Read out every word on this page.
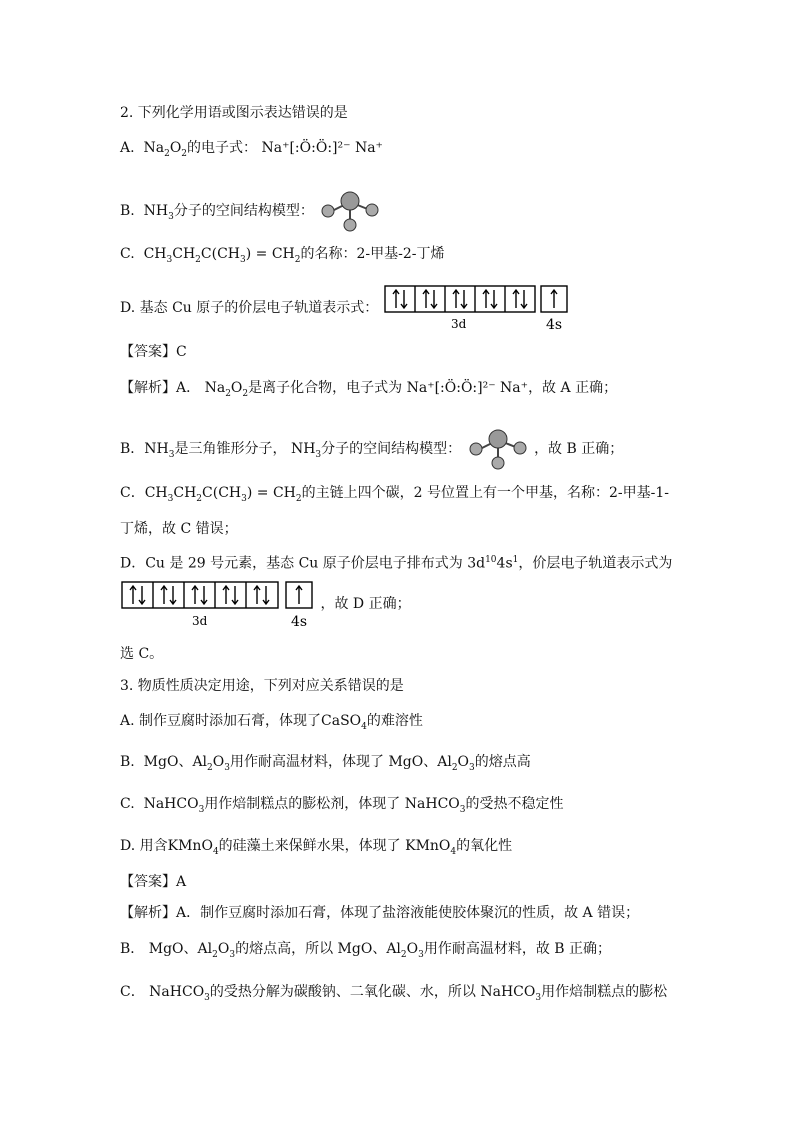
2. 下列化学用语或图示表达错误的是
A. $Na_2O_2$的电子式： Na⁺[:Ö:Ö:]²⁻ Na⁺
B. $NH_3$分子的空间结构模型：
C. $CH_3CH_2C(CH_3) = CH_2$的名称：2-甲基-2-丁烯
D. 基态 Cu 原子的价层电子轨道表示式：
3d	4s
【答案】C
【解析】A． $Na_2O_2$是离子化合物，电子式为 Na⁺[:Ö:Ö:]²⁻ Na⁺，故 A 正确；
B．$NH_3$是三角锥形分子， $NH_3$分子的空间结构模型：	，故 B 正确；
C．$CH_3CH_2C(CH_3) = CH_2$的主链上四个碳，2 号位置上有一个甲基，名称：2-甲基-1-
丁烯，故 C 错误；
D．Cu 是 29 号元素，基态 Cu 原子价层电子排布式为 $3d^{10}4s^1$，价层电子轨道表示式为
3d	4s
，故 D 正确；
选 C。
3. 物质性质决定用途，下列对应关系错误的是
A. 制作豆腐时添加石膏，体现了CaSO$_4$的难溶性
B. MgO、$Al_2O_3$用作耐高温材料，体现了 MgO、$Al_2O_3$的熔点高
C. NaHCO$_3$用作焙制糕点的膨松剂，体现了 NaHCO$_3$的受热不稳定性
D. 用含KMnO$_4$的硅藻土来保鲜水果，体现了 KMnO$_4$的氧化性
【答案】A
【解析】A．制作豆腐时添加石膏，体现了盐溶液能使胶体聚沉的性质，故 A 错误；
B． MgO、$Al_2O_3$的熔点高，所以 MgO、$Al_2O_3$用作耐高温材料，故 B 正确；
C． NaHCO$_3$的受热分解为碳酸钠、二氧化碳、水，所以 NaHCO$_3$用作焙制糕点的膨松
